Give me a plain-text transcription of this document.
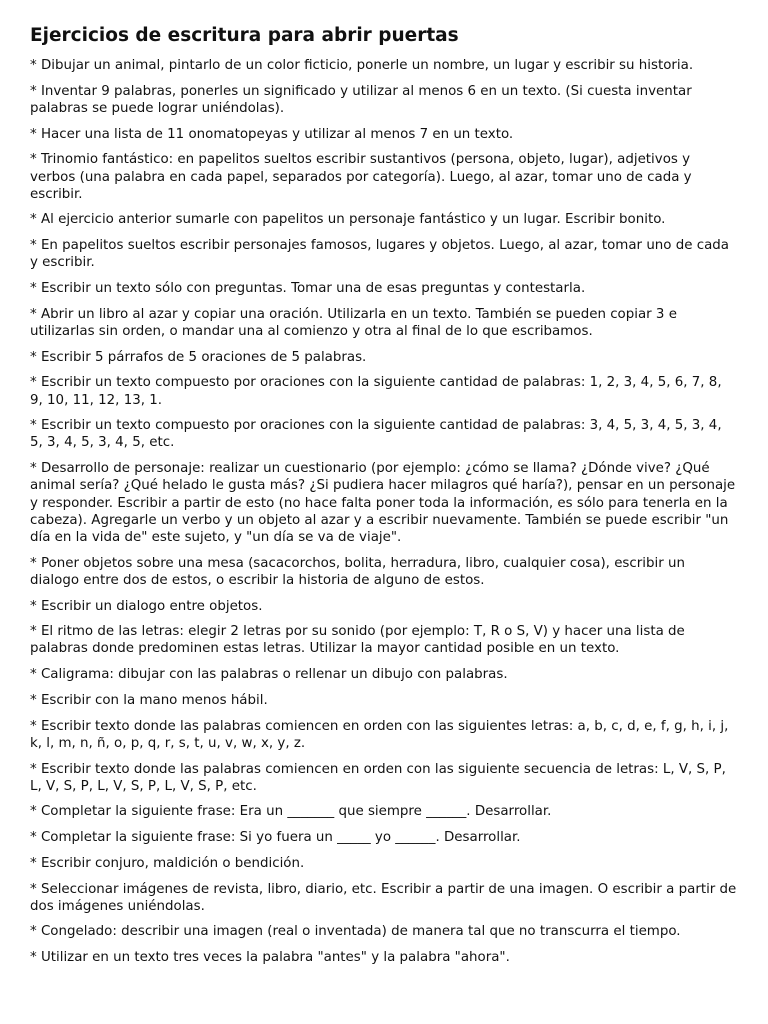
Ejercicios de escritura para abrir puertas
* Dibujar un animal, pintarlo de un color ficticio, ponerle un nombre, un lugar y escribir su historia.
* Inventar 9 palabras, ponerles un significado y utilizar al menos 6 en un texto. (Si cuesta inventar palabras se puede lograr uniéndolas).
* Hacer una lista de 11 onomatopeyas y utilizar al menos 7 en un texto.
* Trinomio fantástico: en papelitos sueltos escribir sustantivos (persona, objeto, lugar), adjetivos y verbos (una palabra en cada papel, separados por categoría). Luego, al azar, tomar uno de cada y escribir.
* Al ejercicio anterior sumarle con papelitos un personaje fantástico y un lugar. Escribir bonito.
* En papelitos sueltos escribir personajes famosos, lugares y objetos. Luego, al azar, tomar uno de cada y escribir.
* Escribir un texto sólo con preguntas. Tomar una de esas preguntas y contestarla.
* Abrir un libro al azar y copiar una oración. Utilizarla en un texto. También se pueden copiar 3 e utilizarlas sin orden, o mandar una al comienzo y otra al final de lo que escribamos.
* Escribir 5 párrafos de 5 oraciones de 5 palabras.
* Escribir un texto compuesto por oraciones con la siguiente cantidad de palabras: 1, 2, 3, 4, 5, 6, 7, 8, 9, 10, 11, 12, 13, 1.
* Escribir un texto compuesto por oraciones con la siguiente cantidad de palabras: 3, 4, 5, 3, 4, 5, 3, 4, 5, 3, 4, 5, 3, 4, 5, etc.
* Desarrollo de personaje: realizar un cuestionario (por ejemplo: ¿cómo se llama? ¿Dónde vive? ¿Qué animal sería? ¿Qué helado le gusta más? ¿Si pudiera hacer milagros qué haría?), pensar en un personaje y responder. Escribir a partir de esto (no hace falta poner toda la información, es sólo para tenerla en la cabeza). Agregarle un verbo y un objeto al azar y a escribir nuevamente. También se puede escribir "un día en la vida de" este sujeto, y "un día se va de viaje".
* Poner objetos sobre una mesa (sacacorchos, bolita, herradura, libro, cualquier cosa), escribir un dialogo entre dos de estos, o escribir la historia de alguno de estos.
* Escribir un dialogo entre objetos.
* El ritmo de las letras: elegir 2 letras por su sonido (por ejemplo: T, R o S, V) y hacer una lista de palabras donde predominen estas letras. Utilizar la mayor cantidad posible en un texto.
* Caligrama: dibujar con las palabras o rellenar un dibujo con palabras.
* Escribir con la mano menos hábil.
* Escribir texto donde las palabras comiencen en orden con las siguientes letras: a, b, c, d, e, f, g, h, i, j, k, l, m, n, ñ, o, p, q, r, s, t, u, v, w, x, y, z.
* Escribir texto donde las palabras comiencen en orden con las siguiente secuencia de letras: L, V, S, P, L, V, S, P, L, V, S, P, L, V, S, P, etc.
* Completar la siguiente frase: Era un _______ que siempre ______. Desarrollar.
* Completar la siguiente frase: Si yo fuera un _____ yo ______. Desarrollar.
* Escribir conjuro, maldición o bendición.
* Seleccionar imágenes de revista, libro, diario, etc. Escribir a partir de una imagen. O escribir a partir de dos imágenes uniéndolas.
* Congelado: describir una imagen (real o inventada) de manera tal que no transcurra el tiempo.
* Utilizar en un texto tres veces la palabra "antes" y la palabra "ahora".
